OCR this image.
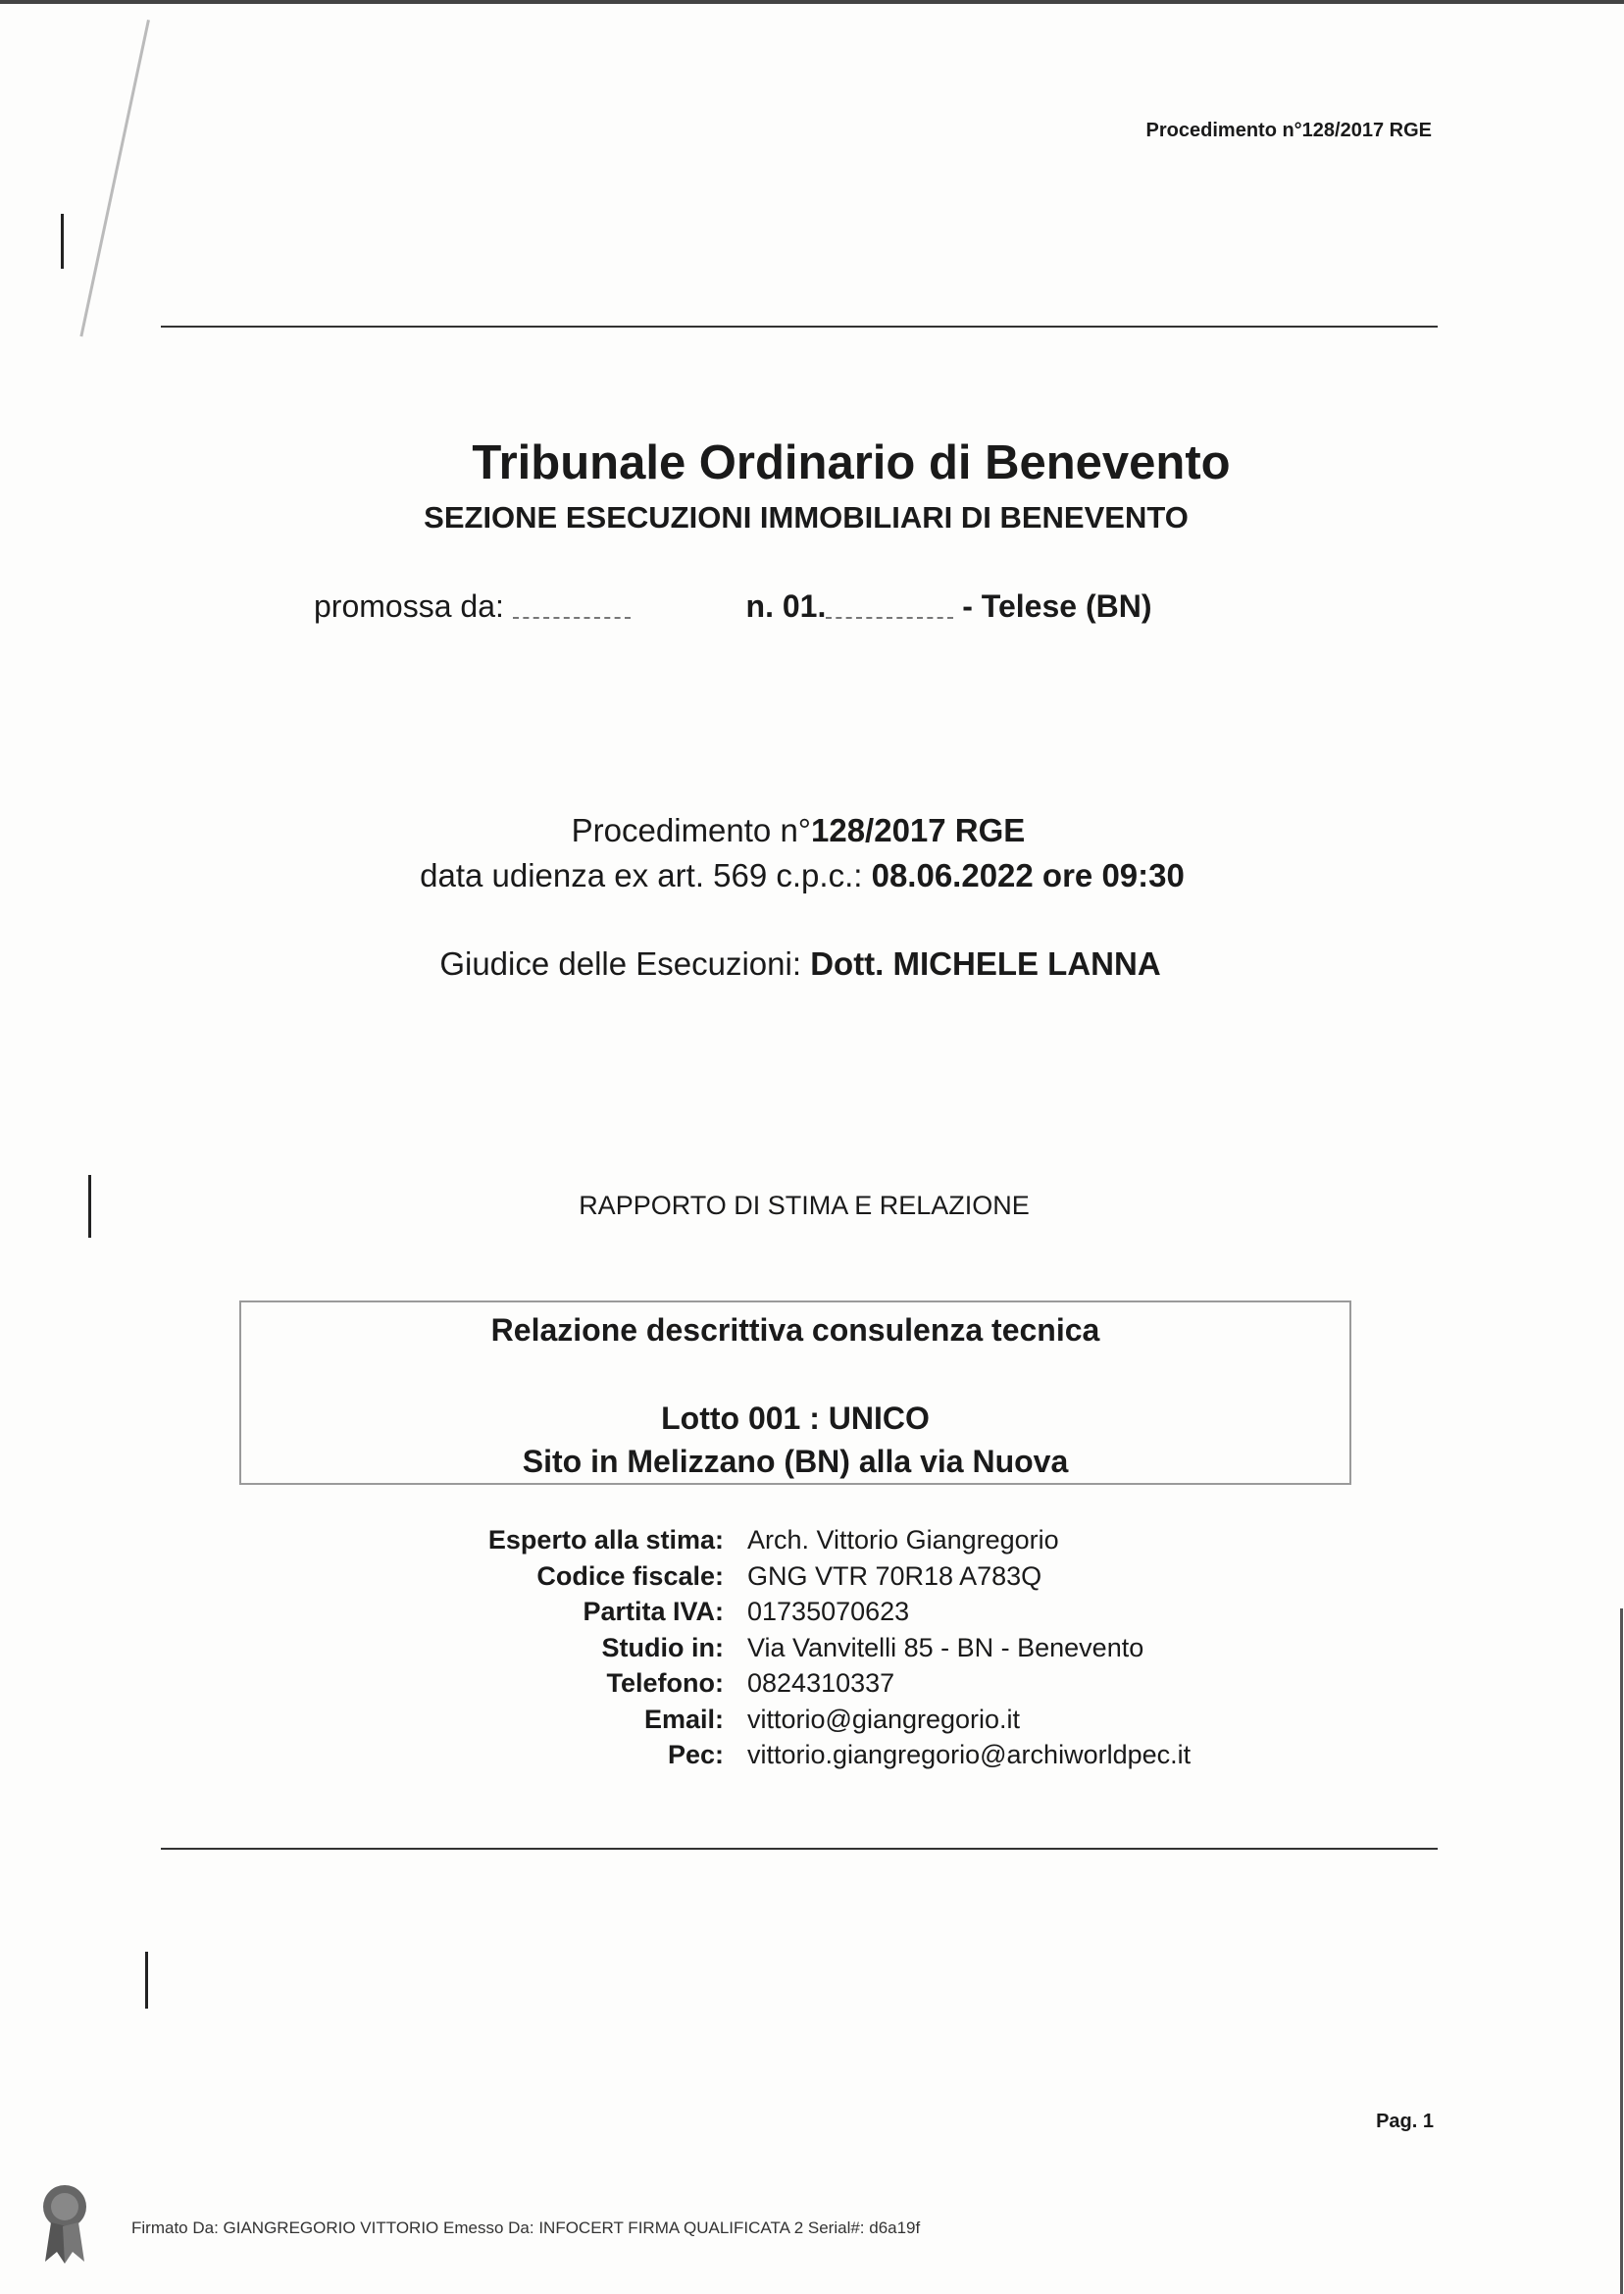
Procedimento n°128/2017 RGE
Tribunale Ordinario di Benevento
SEZIONE ESECUZIONI IMMOBILIARI DI BENEVENTO
promossa da:	n. 01.	- Telese (BN)
Procedimento n°128/2017 RGE
data udienza ex art. 569 c.p.c.: 08.06.2022 ore 09:30
Giudice delle Esecuzioni: Dott. MICHELE LANNA
RAPPORTO DI STIMA E RELAZIONE
Relazione descrittiva consulenza tecnica
Lotto 001 : UNICO
Sito in Melizzano (BN) alla via Nuova
Esperto alla stima: Arch. Vittorio Giangregorio
Codice fiscale: GNG VTR 70R18 A783Q
Partita IVA: 01735070623
Studio in: Via Vanvitelli 85 - BN - Benevento
Telefono: 0824310337
Email: vittorio@giangregorio.it
Pec: vittorio.giangregorio@archiworldpec.it
Pag. 1
Firmato Da: GIANGREGORIO VITTORIO Emesso Da: INFOCERT FIRMA QUALIFICATA 2 Serial#: d6a19f
